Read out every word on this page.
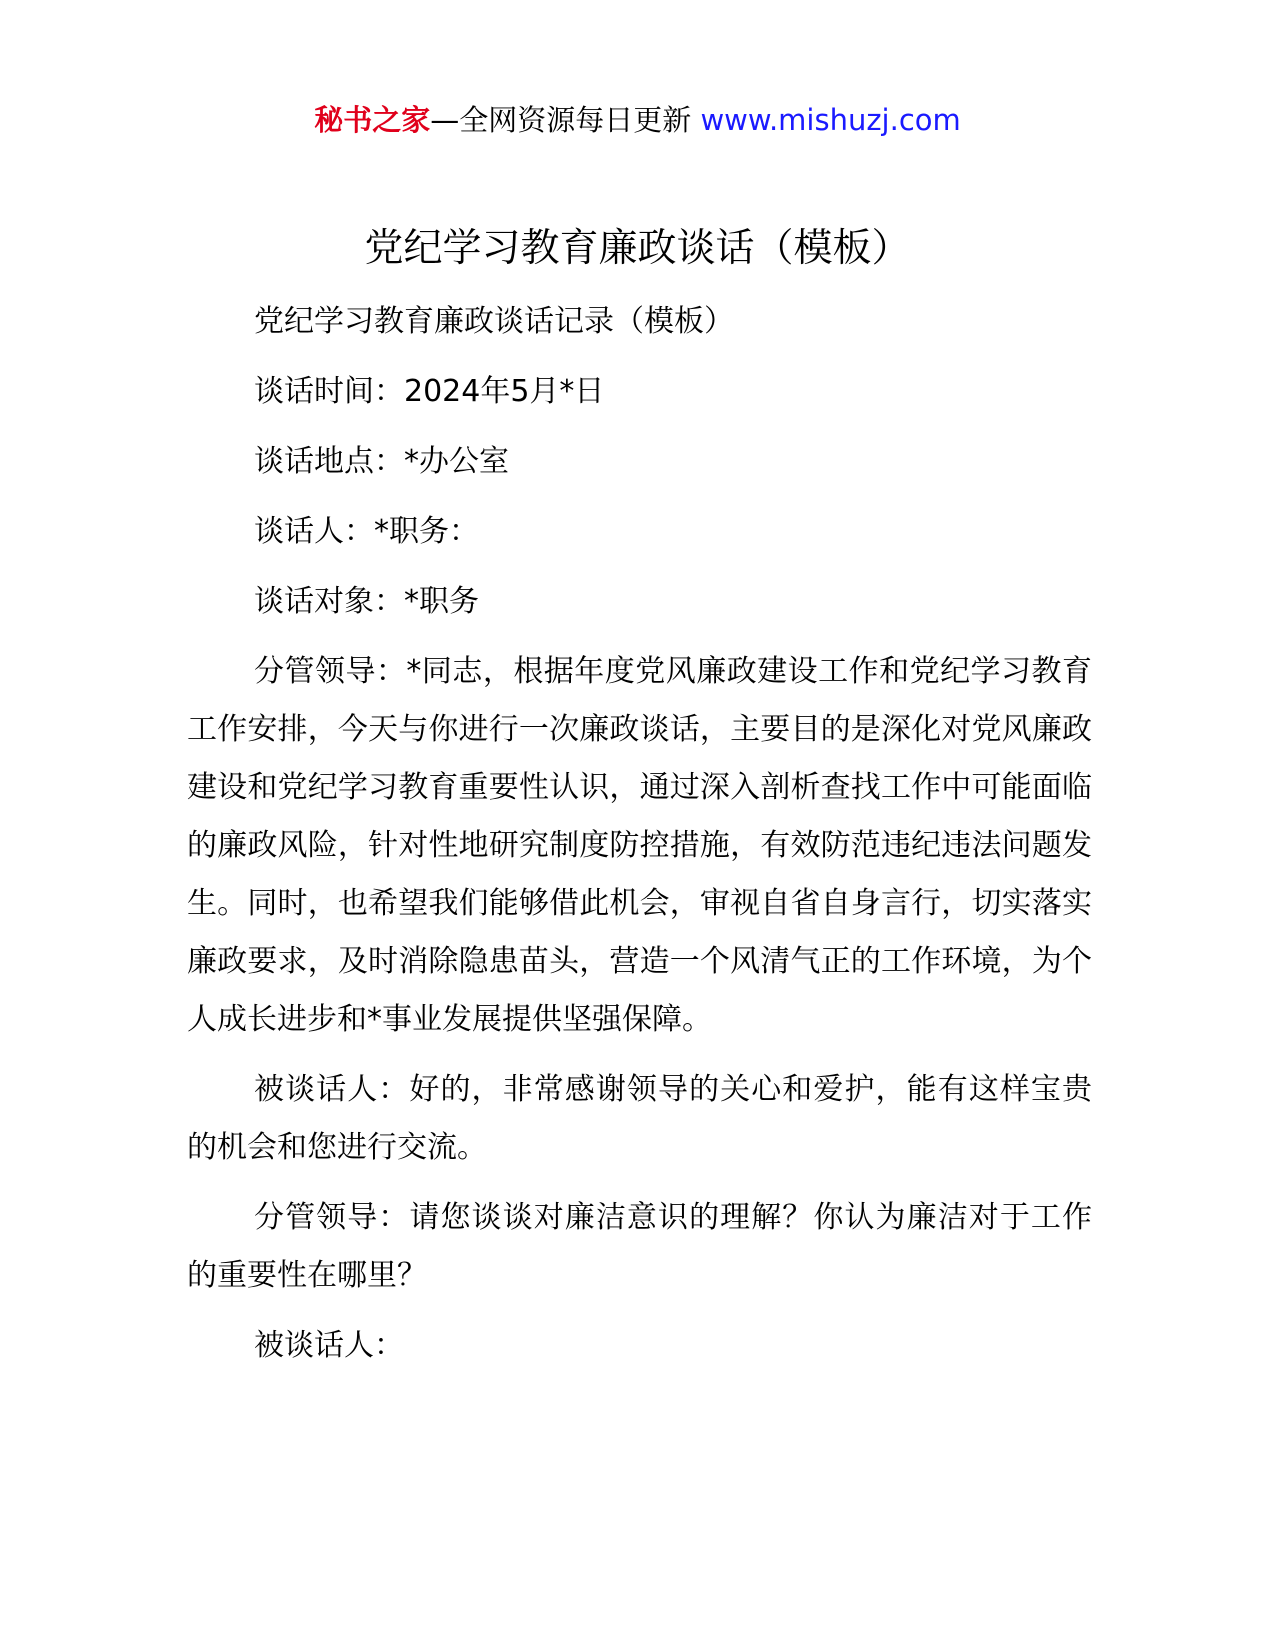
秘书之家—全网资源每日更新 www.mishuzj.com
党纪学习教育廉政谈话（模板）

党纪学习教育廉政谈话记录（模板）

谈话时间：2024年5月*日

谈话地点：*办公室

谈话人：*职务：

谈话对象：*职务

分管领导：*同志，根据年度党风廉政建设工作和党纪学习教育工作安排，今天与你进行一次廉政谈话，主要目的是深化对党风廉政建设和党纪学习教育重要性认识，通过深入剖析查找工作中可能面临的廉政风险，针对性地研究制度防控措施，有效防范违纪违法问题发生。同时，也希望我们能够借此机会，审视自省自身言行，切实落实廉政要求，及时消除隐患苗头，营造一个风清气正的工作环境，为个人成长进步和*事业发展提供坚强保障。

被谈话人：好的，非常感谢领导的关心和爱护，能有这样宝贵的机会和您进行交流。

分管领导：请您谈谈对廉洁意识的理解？你认为廉洁对于工作的重要性在哪里？

被谈话人：
